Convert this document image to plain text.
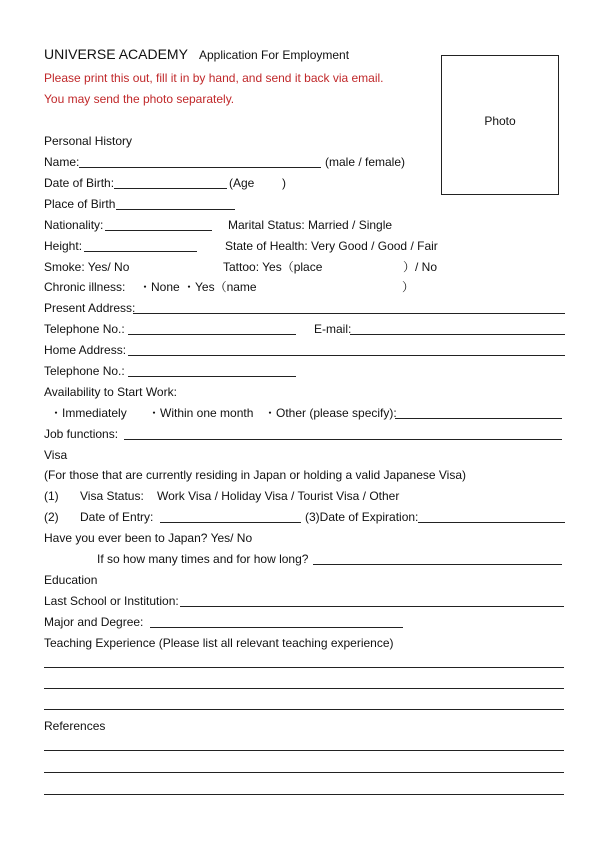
UNIVERSE ACADEMY Application For Employment
Please print this out, fill it in by hand, and send it back via email.
You may send the photo separately.
Photo
Personal History
Name:	(male / female)
Date of Birth:	(Age )
Place of Birth
Nationality:	Marital Status: Married / Single
Height:	State of Health: Very Good / Good / Fair
Smoke: Yes/ No	Tattoo: Yes（place	）/ No
Chronic illness: ・None ・Yes（name	）
Present Address:
Telephone No.:	E-mail:
Home Address:
Telephone No.:
Availability to Start Work:
・Immediately ・Within one month ・Other (please specify):
Job functions:
Visa
(For those that are currently residing in Japan or holding a valid Japanese Visa)
(1) Visa Status: Work Visa / Holiday Visa / Tourist Visa / Other
(2) Date of Entry:	(3)Date of Expiration:
Have you ever been to Japan? Yes/ No
If so how many times and for how long?
Education
Last School or Institution:
Major and Degree:
Teaching Experience (Please list all relevant teaching experience)
References
